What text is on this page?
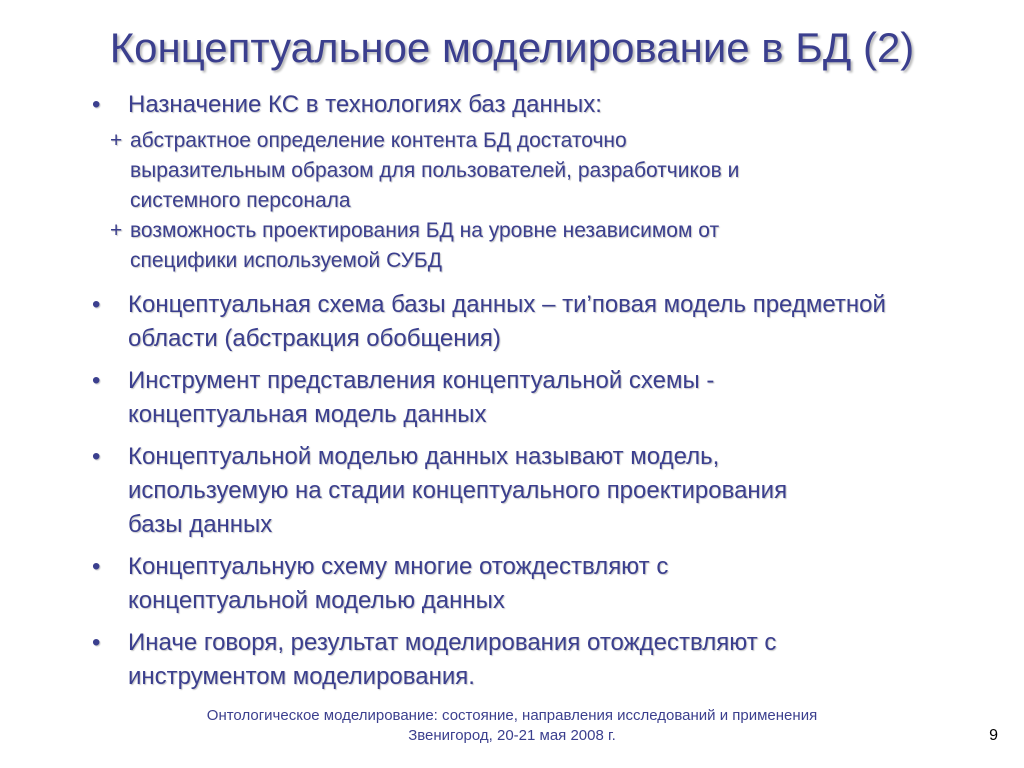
Концептуальное моделирование в БД (2)
• Назначение КС в технологиях баз данных:
+ абстрактное определение контента БД достаточно выразительным образом для пользователей, разработчиков и системного персонала
+ возможность проектирования БД на уровне независимом от специфики используемой СУБД
• Концептуальная схема базы данных – ти’повая модель предметной области (абстракция обобщения)
• Инструмент представления концептуальной схемы - концептуальная модель данных
• Концептуальной моделью данных называют модель, используемую на стадии концептуального проектирования базы данных
• Концептуальную схему многие отождествляют с концептуальной моделью данных
• Иначе говоря, результат моделирования отождествляют с инструментом моделирования.
Онтологическое моделирование: состояние, направления исследований и применения
Звенигород, 20-21 мая 2008 г.	9
